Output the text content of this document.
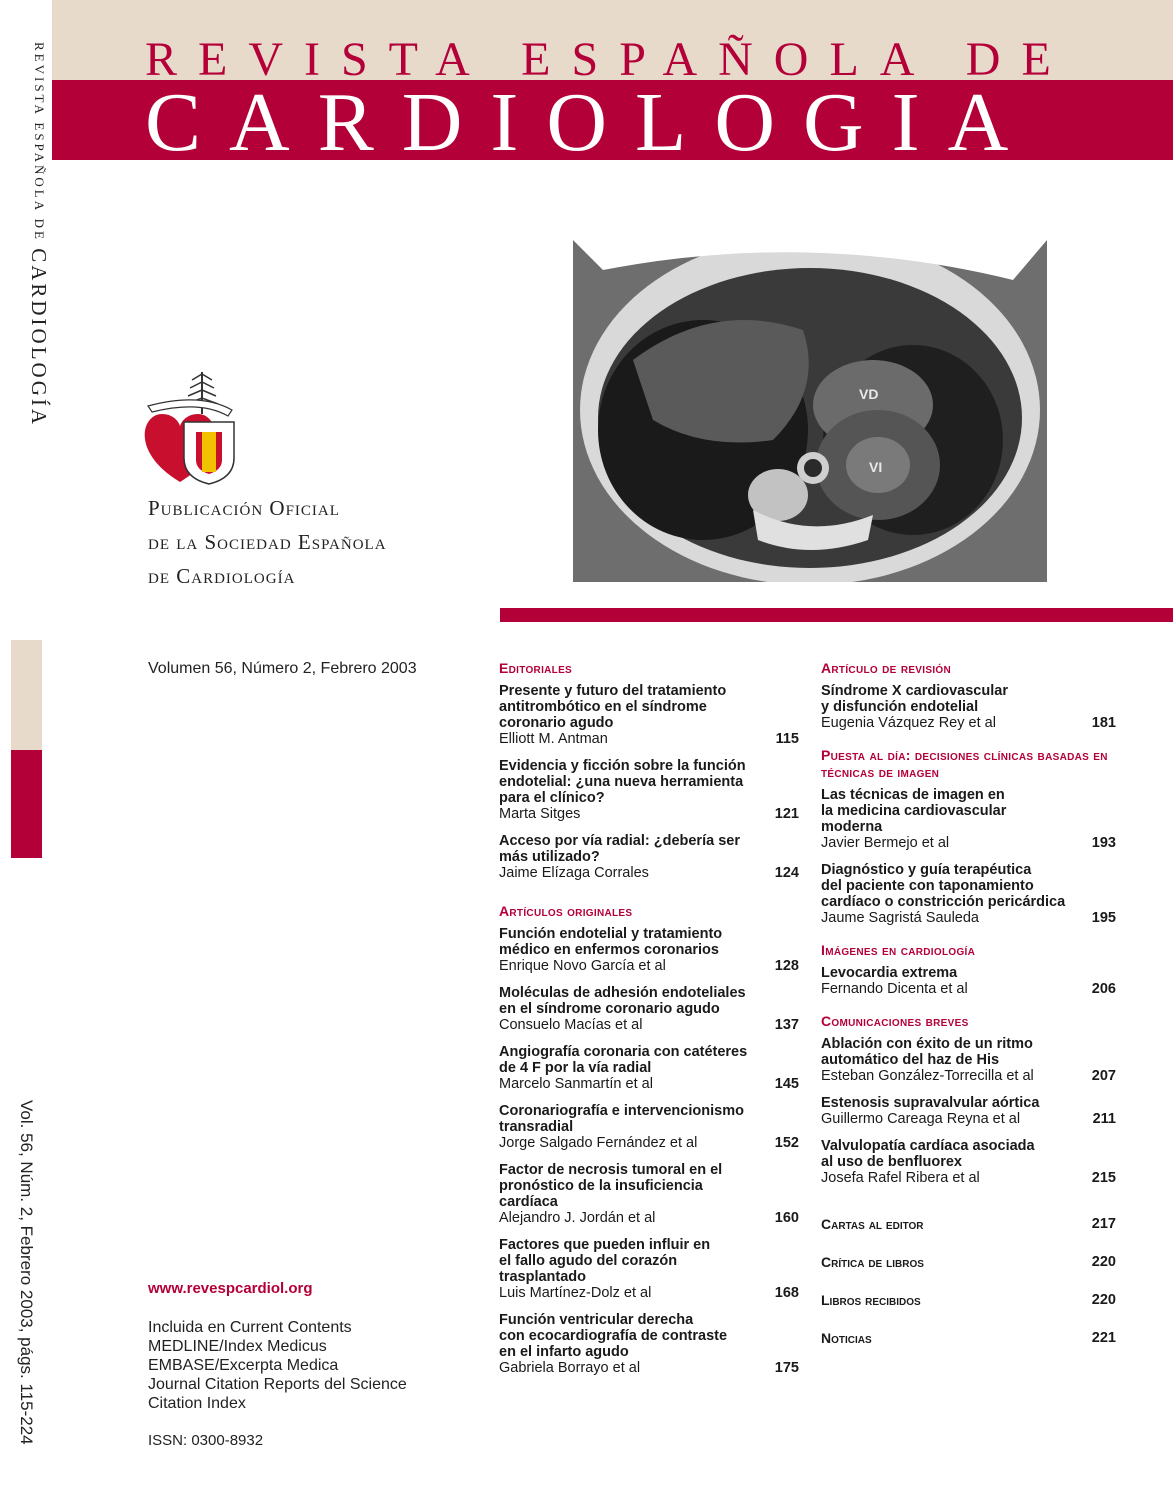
REVISTA ESPAÑOLA DE CARDIOLOGÍA
Vol. 56, Núm. 2, Febrero 2003, págs. 115-224
REVISTA ESPAÑOLA DE
CARDIOLOGIA
VD
VI
Publicación Oficial
de la Sociedad Española
de Cardiología
Volumen 56, Número 2, Febrero 2003	Editoriales
Presente y futuro del tratamiento
antitrombótico en el síndrome
coronario agudo
Elliott M. Antman	115
Evidencia y ficción sobre la función
endotelial: ¿una nueva herramienta
para el clínico?
Marta Sitges	121
Acceso por vía radial: ¿debería ser
más utilizado?
Jaime Elízaga Corrales	124
Artículos originales
Función endotelial y tratamiento
médico en enfermos coronarios
Enrique Novo García et al	128
Moléculas de adhesión endoteliales
en el síndrome coronario agudo
Consuelo Macías et al	137
Angiografía coronaria con catéteres
de 4 F por la vía radial
Marcelo Sanmartín et al	145
Coronariografía e intervencionismo
transradial
Jorge Salgado Fernández et al	152
Factor de necrosis tumoral en el
pronóstico de la insuficiencia
cardíaca
Alejandro J. Jordán et al	160
Factores que pueden influir en
el fallo agudo del corazón
trasplantado
Luis Martínez-Dolz et al	168
Función ventricular derecha
con ecocardiografía de contraste
en el infarto agudo
Gabriela Borrayo et al	175
Artículo de revisión
Síndrome X cardiovascular
y disfunción endotelial
Eugenia Vázquez Rey et al	181
Puesta al día: decisiones clínicas basadas en técnicas de imagen
Las técnicas de imagen en
la medicina cardiovascular
moderna
Javier Bermejo et al	193
Diagnóstico y guía terapéutica
del paciente con taponamiento
cardíaco o constricción pericárdica
Jaume Sagristá Sauleda	195
Imágenes en cardiología
Levocardia extrema
Fernando Dicenta et al	206
Comunicaciones breves
Ablación con éxito de un ritmo
automático del haz de His
Esteban González-Torrecilla et al	207
Estenosis supravalvular aórtica
Guillermo Careaga Reyna et al	211
Valvulopatía cardíaca asociada
al uso de benfluorex
Josefa Rafel Ribera et al	215
Cartas al editor	217
Crítica de libros	220
Libros recibidos	220
Noticias	221
www.revespcardiol.org
Incluida en Current Contents
MEDLINE/Index Medicus
EMBASE/Excerpta Medica
Journal Citation Reports del Science
Citation Index
ISSN: 0300-8932
